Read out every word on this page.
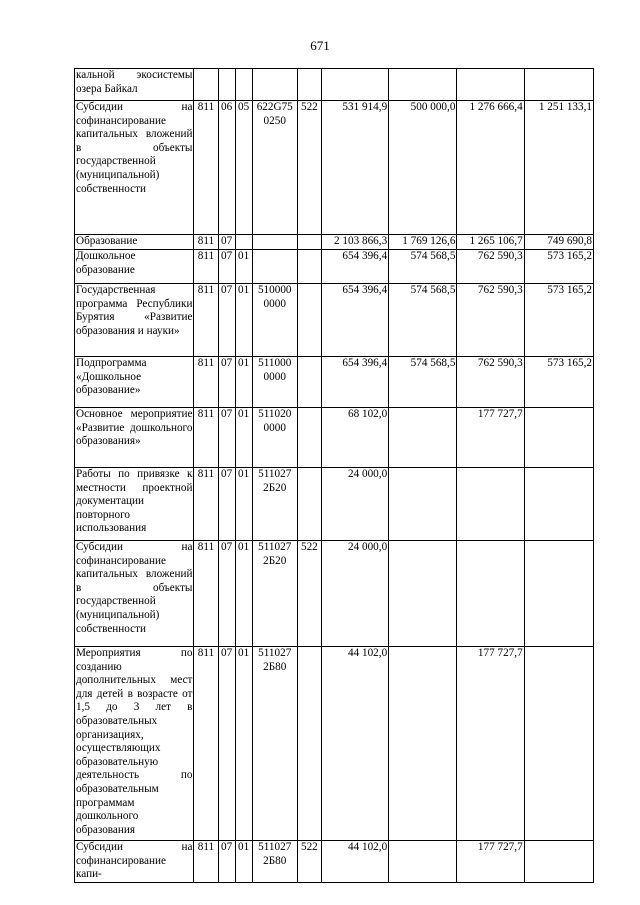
671
кальной экосистемы озера Байкал									
Субсидии на софинансирование капитальных вложений в объекты государственной (муниципальной) собственности	811	06	05	622G75 0250	522	531 914,9	500 000,0	1 276 666,4	1 251 133,1
Образование	811	07				2 103 866,3	1 769 126,6	1 265 106,7	749 690,8
Дошкольное образование	811	07	01			654 396,4	574 568,5	762 590,3	573 165,2
Государственная программа Республики Бурятия «Развитие образования и науки»	811	07	01	510000 0000		654 396,4	574 568,5	762 590,3	573 165,2
Подпрограмма «Дошкольное образование»	811	07	01	511000 0000		654 396,4	574 568,5	762 590,3	573 165,2
Основное мероприятие «Развитие дошкольного образования»	811	07	01	511020 0000		68 102,0		177 727,7	
Работы по привязке к местности проектной документации повторного использования	811	07	01	511027 2Б20		24 000,0			
Субсидии на софинансирование капитальных вложений в объекты государственной (муниципальной) собственности	811	07	01	511027 2Б20	522	24 000,0			
Мероприятия по созданию дополнительных мест для детей в возрасте от 1,5 до 3 лет в образовательных организациях, осуществляющих образовательную деятельность по образовательным программам дошкольного образования	811	07	01	511027 2Б80		44 102,0		177 727,7	
Субсидии на софинансирование капи-	811	07	01	511027 2Б80	522	44 102,0		177 727,7	
